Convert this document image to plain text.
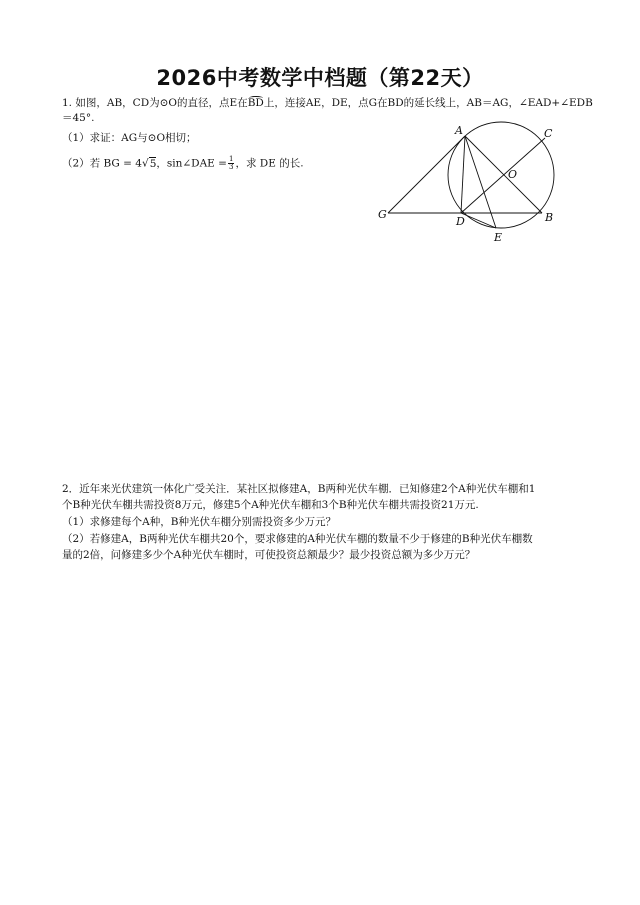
2026中考数学中档题（第22天）
1. 如图，AB，CD为⊙O的直径，点E在BD上，连接AE，DE，点G在BD的延长线上，AB＝AG，∠EAD+∠EDB
＝45°.
（1）求证：AG与⊙O相切；
（2）若 BG = 4√5，sin∠DAE = $\frac{1}{3}$ ，求 DE 的长.
A	C
O
G
D	B
E
2．近年来光伏建筑一体化广受关注．某社区拟修建A，B两种光伏车棚．已知修建2个A种光伏车棚和1
个B种光伏车棚共需投资8万元，修建5个A种光伏车棚和3个B种光伏车棚共需投资21万元.
（1）求修建每个A种，B种光伏车棚分别需投资多少万元？
（2）若修建A，B两种光伏车棚共20个，要求修建的A种光伏车棚的数量不少于修建的B种光伏车棚数
量的2倍，问修建多少个A种光伏车棚时，可使投资总额最少？最少投资总额为多少万元？
